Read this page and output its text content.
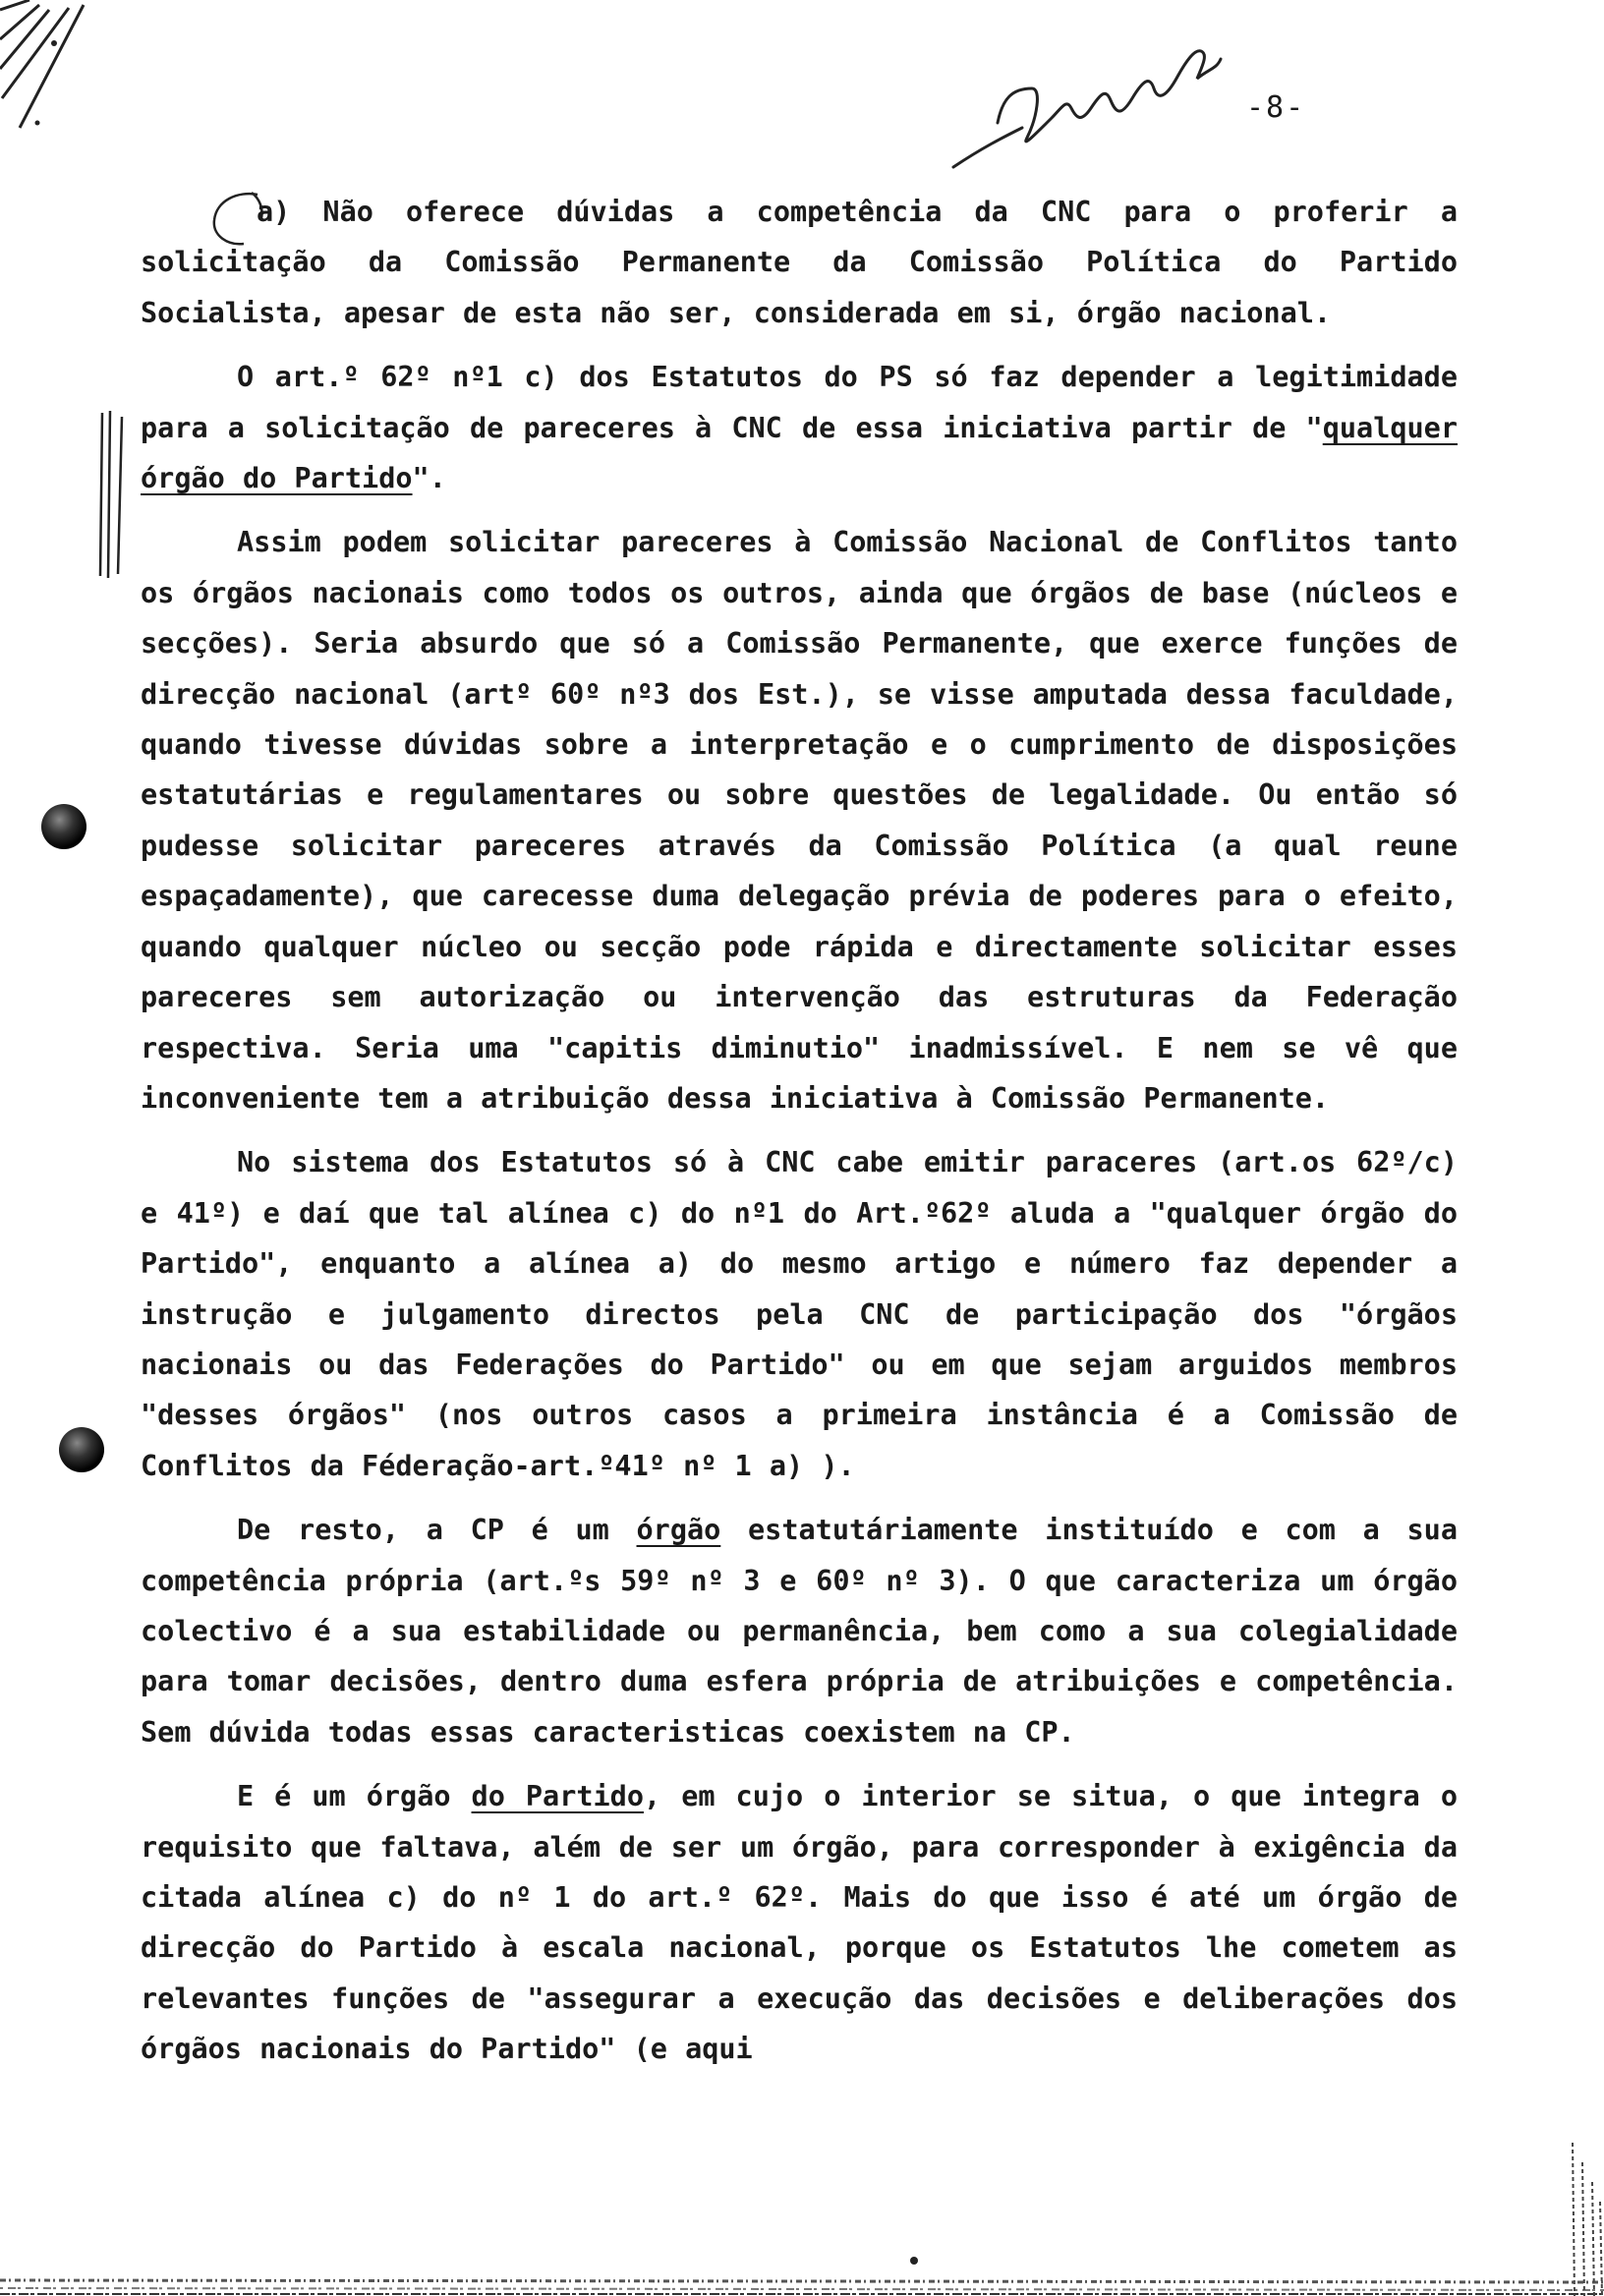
-8-

a) Não oferece dúvidas a competência da CNC para o proferir a solicitação da Comissão Permanente da Comissão Política do Partido Socialista, apesar de esta não ser, considerada em si, órgão nacional.

O art.º 62º nº1 c) dos Estatutos do PS só faz depender a legitimidade para a solicitação de pareceres à CNC de essa iniciativa partir de "qualquer órgão do Partido".

Assim podem solicitar pareceres à Comissão Nacional de Conflitos tanto os órgãos nacionais como todos os outros, ainda que órgãos de base (núcleos e secções). Seria absurdo que só a Comissão Permanente, que exerce funções de direcção nacional (artº 60º nº3 dos Est.), se visse amputada dessa faculdade, quando tivesse dúvidas sobre a interpretação e o cumprimento de disposições estatutárias e regulamentares ou sobre questões de legalidade. Ou então só pudesse solicitar pareceres através da Comissão Política (a qual reune espaçadamente), que carecesse duma delegação prévia de poderes para o efeito, quando qualquer núcleo ou secção pode rápida e directamente solicitar esses pareceres sem autorização ou intervenção das estruturas da Federação respectiva. Seria uma "capitis diminutio" inadmissível. E nem se vê que inconveniente tem a atribuição dessa iniciativa à Comissão Permanente.

No sistema dos Estatutos só à CNC cabe emitir paraceres (art.os 62º/c) e 41º) e daí que tal alínea c) do nº1 do Art.º62º aluda a "qualquer órgão do Partido", enquanto a alínea a) do mesmo artigo e número faz depender a instrução e julgamento directos pela CNC de participação dos "órgãos nacionais ou das Federações do Partido" ou em que sejam arguidos membros "desses órgãos" (nos outros casos a primeira instância é a Comissão de Conflitos da Féderação-art.º41º nº 1 a) ).

De resto, a CP é um órgão estatutáriamente instituído e com a sua competência própria (art.ºs 59º nº 3 e 60º nº 3). O que caracteriza um órgão colectivo é a sua estabilidade ou permanência, bem como a sua colegialidade para tomar decisões, dentro duma esfera própria de atribuições e competência. Sem dúvida todas essas caracteristicas coexistem na CP.

E é um órgão do Partido, em cujo o interior se situa, o que integra o requisito que faltava, além de ser um órgão, para corresponder à exigência da citada alínea c) do nº 1 do art.º 62º. Mais do que isso é até um órgão de direcção do Partido à escala nacional, porque os Estatutos lhe cometem as relevantes funções de "assegurar a execução das decisões e deliberações dos órgãos nacionais do Partido" (e aqui
